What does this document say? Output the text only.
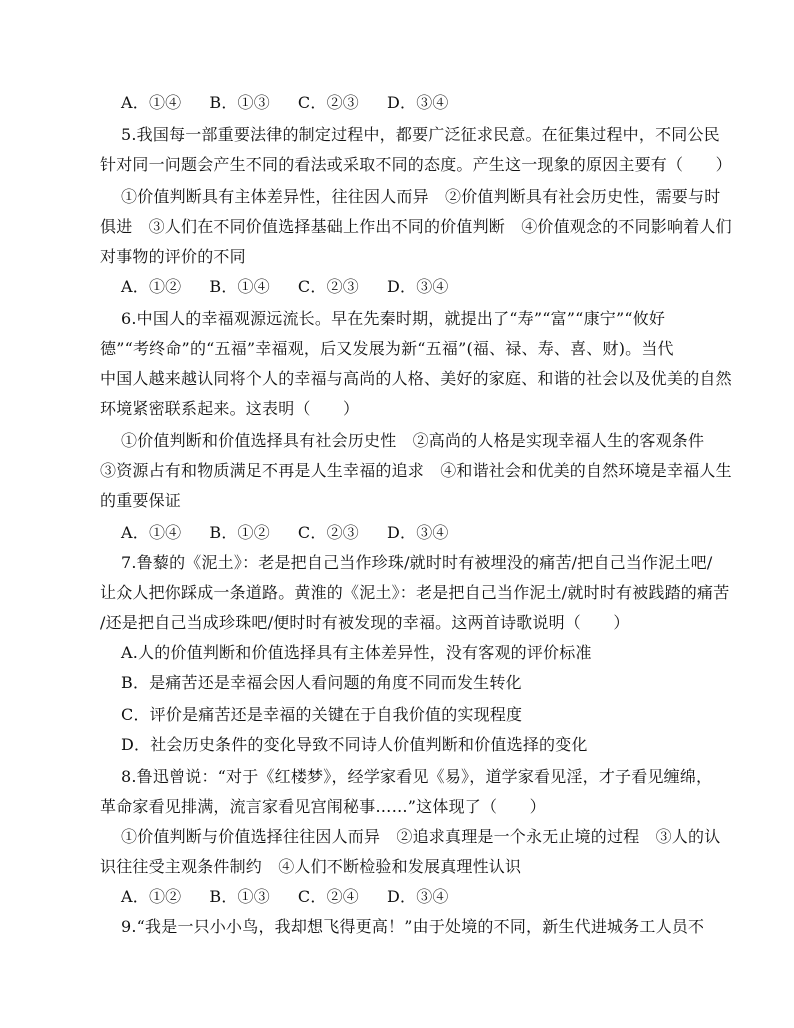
A．①④ B．①③ C．②③ D．③④
5.我国每一部重要法律的制定过程中，都要广泛征求民意。在征集过程中，不同公民
针对同一问题会产生不同的看法或采取不同的态度。产生这一现象的原因主要有（　　）
①价值判断具有主体差异性，往往因人而异　②价值判断具有社会历史性，需要与时
俱进　③人们在不同价值选择基础上作出不同的价值判断　④价值观念的不同影响着人们
对事物的评价的不同
A．①② B．①④ C．②③ D．③④
6.中国人的幸福观源远流长。早在先秦时期，就提出了“寿”“富”“康宁”“攸好
德”“考终命”的“五福”幸福观，后又发展为新“五福”(福、禄、寿、喜、财)。当代
中国人越来越认同将个人的幸福与高尚的人格、美好的家庭、和谐的社会以及优美的自然
环境紧密联系起来。这表明（　　）
①价值判断和价值选择具有社会历史性　②高尚的人格是实现幸福人生的客观条件
③资源占有和物质满足不再是人生幸福的追求　④和谐社会和优美的自然环境是幸福人生
的重要保证
A．①④ B．①② C．②③ D．③④
7.鲁藜的《泥土》：老是把自己当作珍珠/就时时有被埋没的痛苦/把自己当作泥土吧/
让众人把你踩成一条道路。黄淮的《泥土》：老是把自己当作泥土/就时时有被践踏的痛苦
/还是把自己当成珍珠吧/便时时有被发现的幸福。这两首诗歌说明（　　）
A.人的价值判断和价值选择具有主体差异性，没有客观的评价标准
B．是痛苦还是幸福会因人看问题的角度不同而发生转化
C．评价是痛苦还是幸福的关键在于自我价值的实现程度
D．社会历史条件的变化导致不同诗人价值判断和价值选择的变化
8.鲁迅曾说：“对于《红楼梦》，经学家看见《易》，道学家看见淫，才子看见缠绵，
革命家看见排满，流言家看见宫闱秘事……”这体现了（　　）
①价值判断与价值选择往往因人而异　②追求真理是一个永无止境的过程　③人的认
识往往受主观条件制约　④人们不断检验和发展真理性认识
A．①② B．①③ C．②④ D．③④
9.“我是一只小小鸟，我却想飞得更高！”由于处境的不同，新生代进城务工人员不
